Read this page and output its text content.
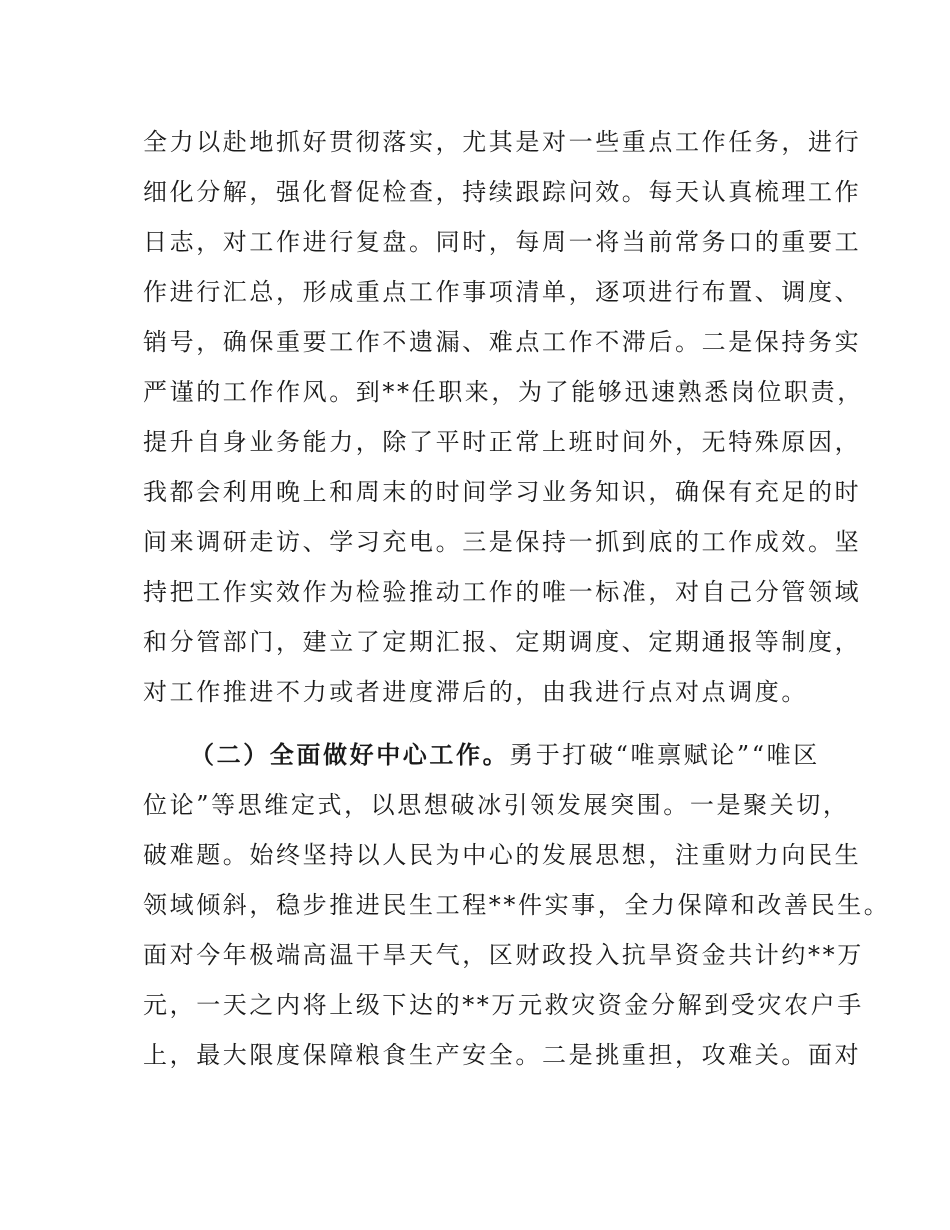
全力以赴地抓好贯彻落实，尤其是对一些重点工作任务，进行
细化分解，强化督促检查，持续跟踪问效。每天认真梳理工作
日志，对工作进行复盘。同时，每周一将当前常务口的重要工
作进行汇总，形成重点工作事项清单，逐项进行布置、调度、
销号，确保重要工作不遗漏、难点工作不滞后。二是保持务实
严谨的工作作风。到**任职来，为了能够迅速熟悉岗位职责，
提升自身业务能力，除了平时正常上班时间外，无特殊原因，
我都会利用晚上和周末的时间学习业务知识，确保有充足的时
间来调研走访、学习充电。三是保持一抓到底的工作成效。坚
持把工作实效作为检验推动工作的唯一标准，对自己分管领域
和分管部门，建立了定期汇报、定期调度、定期通报等制度，
对工作推进不力或者进度滞后的，由我进行点对点调度。
（二）全面做好中心工作。勇于打破“唯禀赋论”“唯区
位论”等思维定式，以思想破冰引领发展突围。一是聚关切，
破难题。始终坚持以人民为中心的发展思想，注重财力向民生
领域倾斜，稳步推进民生工程**件实事，全力保障和改善民生。
面对今年极端高温干旱天气，区财政投入抗旱资金共计约**万
元，一天之内将上级下达的**万元救灾资金分解到受灾农户手
上，最大限度保障粮食生产安全。二是挑重担，攻难关。面对
